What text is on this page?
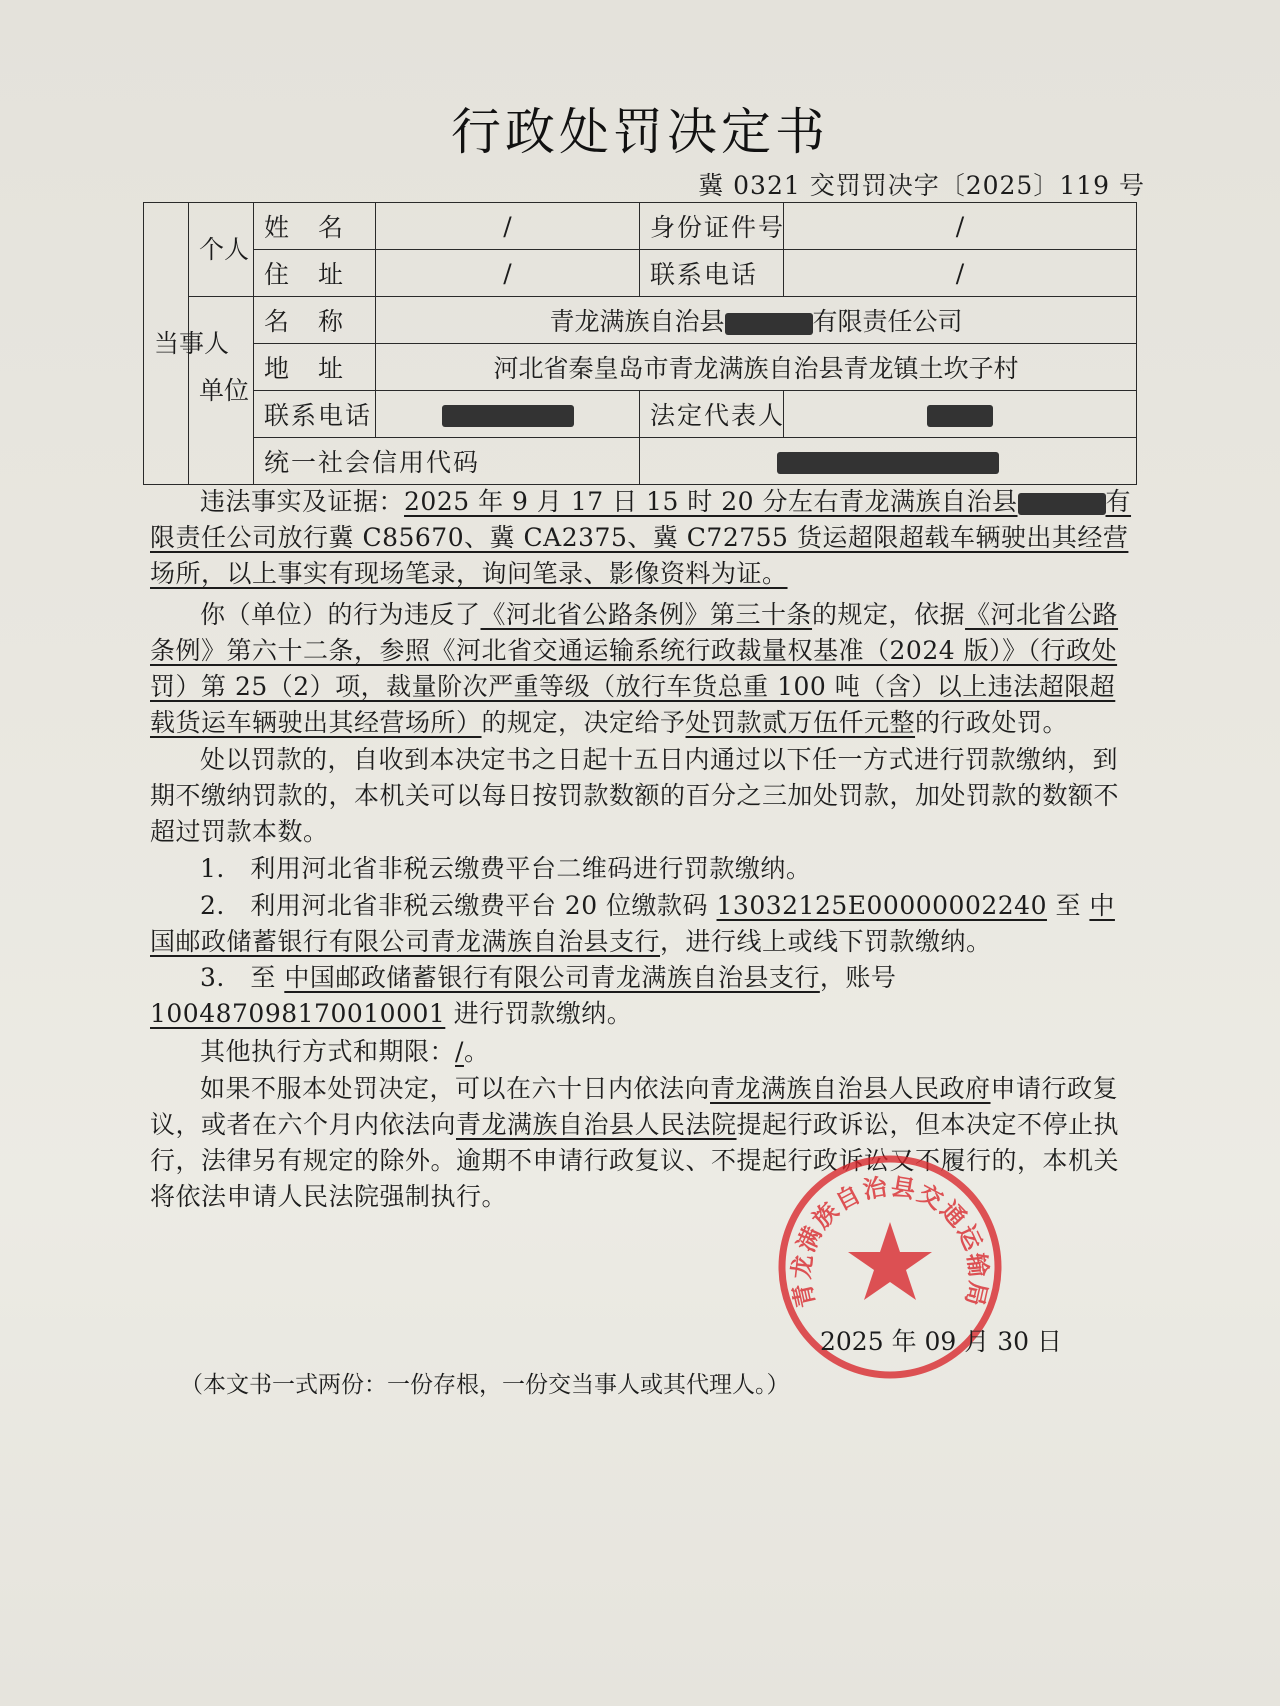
行政处罚决定书
冀 0321 交罚罚决字〔2025〕119 号
当事人	个人	姓　名	/	身份证件号	/
		住　址	/	联系电话	/
	单位	名　称	青龙满族自治县 有限责任公司		
		地　址	河北省秦皇岛市青龙满族自治县青龙镇土坎子村		
		联系电话		法定代表人	
		统一社会信用代码			
违法事实及证据：2025 年 9 月 17 日 15 时 20 分左右青龙满族自治县	有限责任公司放行冀 C85670、冀 CA2375、冀 C72755 货运超限超载车辆驶出其经营场所，以上事实有现场笔录，询问笔录、影像资料为证。
你（单位）的行为违反了《河北省公路条例》第三十条的规定，依据《河北省公路条例》第六十二条，参照《河北省交通运输系统行政裁量权基准（2024 版）》（行政处罚）第 25（2）项，裁量阶次严重等级（放行车货总重 100 吨（含）以上违法超限超载货运车辆驶出其经营场所）的规定，决定给予处罚款贰万伍仟元整的行政处罚。
处以罚款的，自收到本决定书之日起十五日内通过以下任一方式进行罚款缴纳，到期不缴纳罚款的，本机关可以每日按罚款数额的百分之三加处罚款，加处罚款的数额不超过罚款本数。
1.　利用河北省非税云缴费平台二维码进行罚款缴纳。
2.　利用河北省非税云缴费平台 20 位缴款码 13032125E00000002240 至 中国邮政储蓄银行有限公司青龙满族自治县支行，进行线上或线下罚款缴纳。
3.　至 中国邮政储蓄银行有限公司青龙满族自治县支行，账号 100487098170010001 进行罚款缴纳。
其他执行方式和期限：/。
如果不服本处罚决定，可以在六十日内依法向青龙满族自治县人民政府申请行政复议，或者在六个月内依法向青龙满族自治县人民法院提起行政诉讼，但本决定不停止执行，法律另有规定的除外。逾期不申请行政复议、不提起行政诉讼又不履行的，本机关将依法申请人民法院强制执行。
青龙满族自治县交通运输局
2025 年 09 月 30 日
（本文书一式两份：一份存根，一份交当事人或其代理人。）
